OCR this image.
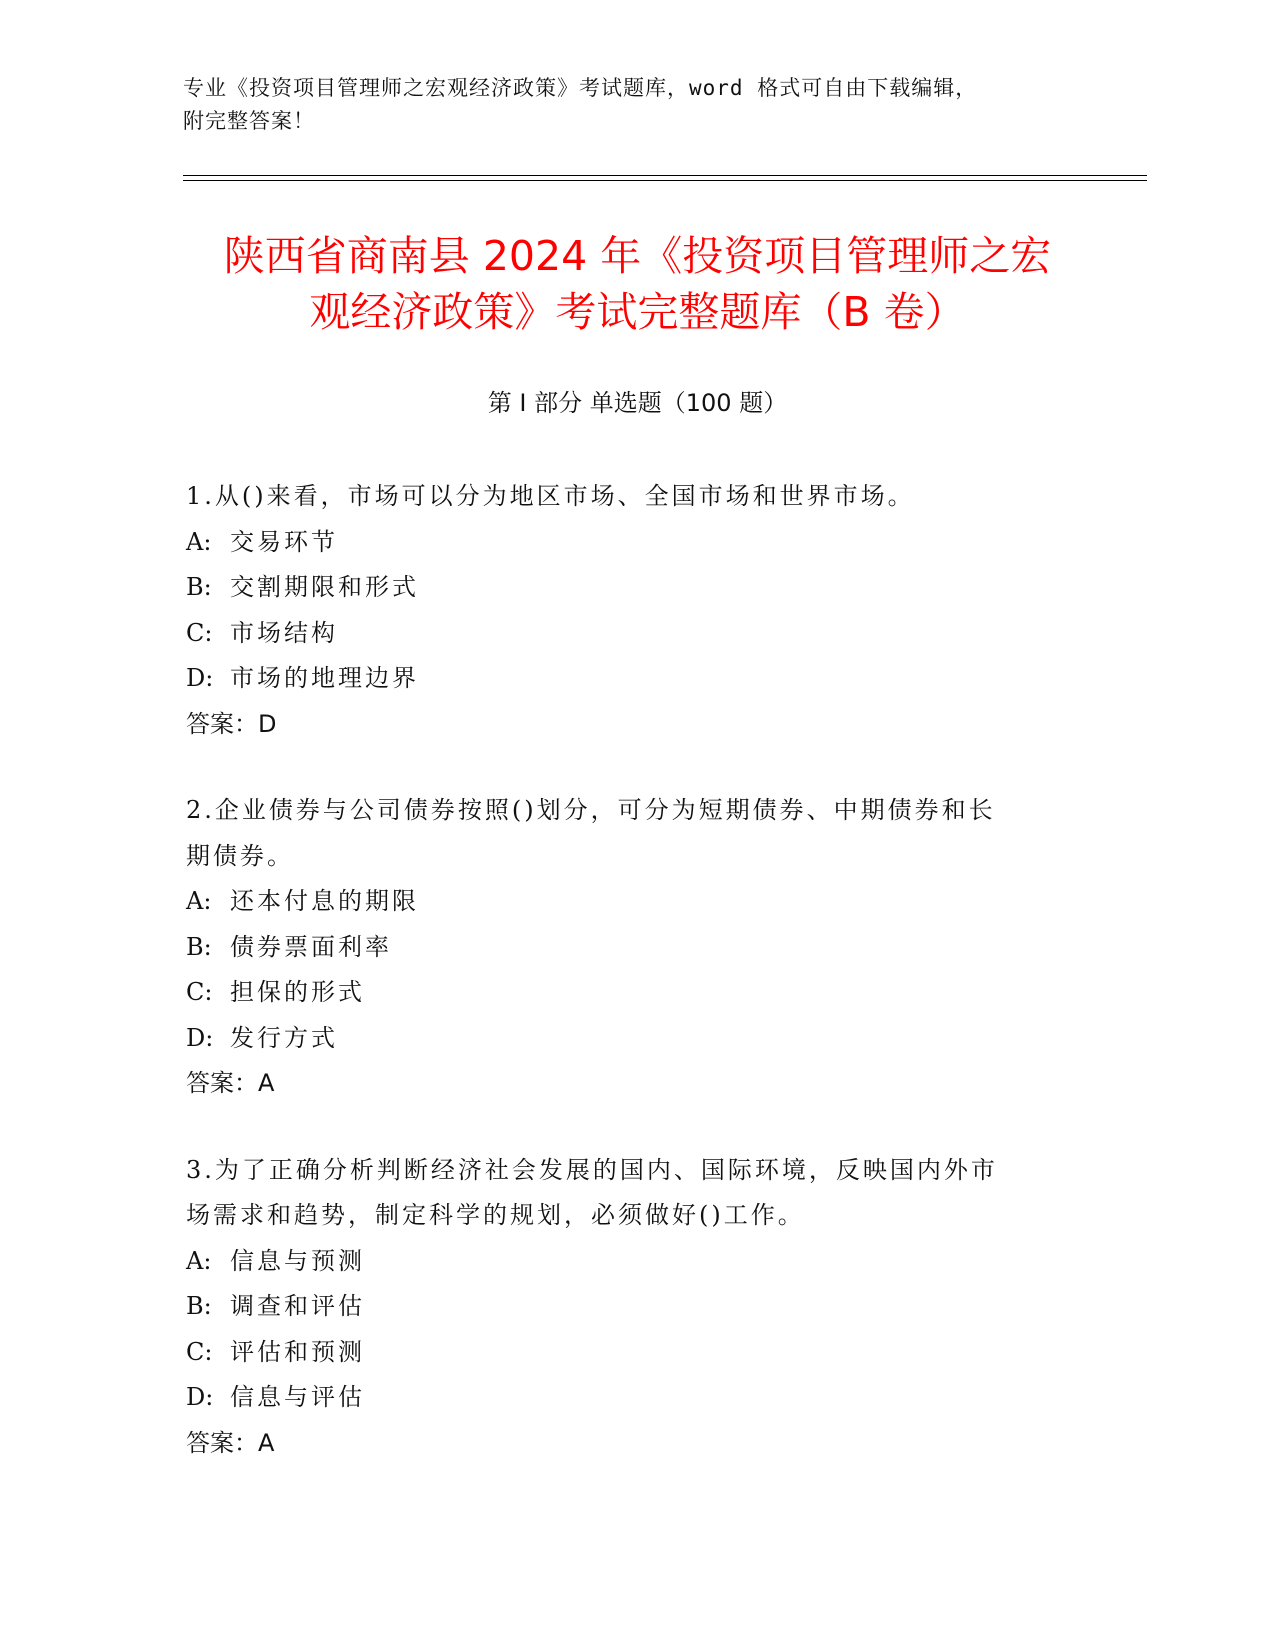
专业《投资项目管理师之宏观经济政策》考试题库，word 格式可自由下载编辑，
附完整答案！
陕西省商南县 2024 年《投资项目管理师之宏
观经济政策》考试完整题库（B 卷）
第 I 部分 单选题（100 题）
1.从()来看，市场可以分为地区市场、全国市场和世界市场。
A: 交易环节
B: 交割期限和形式
C: 市场结构
D: 市场的地理边界
答案：D
2.企业债券与公司债券按照()划分，可分为短期债券、中期债券和长
期债券。
A: 还本付息的期限
B: 债券票面利率
C: 担保的形式
D: 发行方式
答案：A
3.为了正确分析判断经济社会发展的国内、国际环境，反映国内外市
场需求和趋势，制定科学的规划，必须做好()工作。
A: 信息与预测
B: 调查和评估
C: 评估和预测
D: 信息与评估
答案：A
